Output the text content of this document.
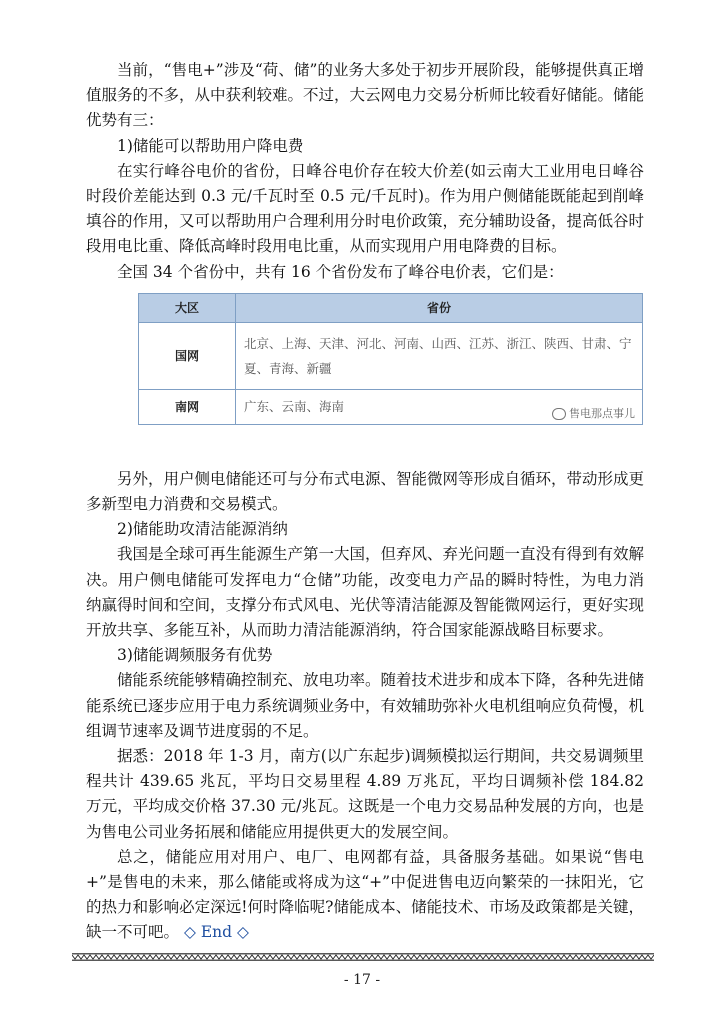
当前，“售电+”涉及“荷、储”的业务大多处于初步开展阶段，能够提供真正增值服务的不多，从中获利较难。不过，大云网电力交易分析师比较看好储能。储能优势有三：

1)储能可以帮助用户降电费

在实行峰谷电价的省份，日峰谷电价存在较大价差(如云南大工业用电日峰谷时段价差能达到 0.3 元/千瓦时至 0.5 元/千瓦时)。作为用户侧储能既能起到削峰填谷的作用，又可以帮助用户合理利用分时电价政策，充分辅助设备，提高低谷时段用电比重、降低高峰时段用电比重，从而实现用户用电降费的目标。

全国 34 个省份中，共有 16 个省份发布了峰谷电价表，它们是：

大区	省份
国网	北京、上海、天津、河北、河南、山西、江苏、浙江、陕西、甘肃、宁夏、青海、新疆
南网	广东、云南、海南	售电那点事儿

另外，用户侧电储能还可与分布式电源、智能微网等形成自循环，带动形成更多新型电力消费和交易模式。

2)储能助攻清洁能源消纳

我国是全球可再生能源生产第一大国，但弃风、弃光问题一直没有得到有效解决。用户侧电储能可发挥电力“仓储”功能，改变电力产品的瞬时特性，为电力消纳赢得时间和空间，支撑分布式风电、光伏等清洁能源及智能微网运行，更好实现开放共享、多能互补，从而助力清洁能源消纳，符合国家能源战略目标要求。

3)储能调频服务有优势

储能系统能够精确控制充、放电功率。随着技术进步和成本下降，各种先进储能系统已逐步应用于电力系统调频业务中，有效辅助弥补火电机组响应负荷慢，机组调节速率及调节进度弱的不足。

据悉：2018 年 1-3 月，南方(以广东起步)调频模拟运行期间，共交易调频里程共计 439.65 兆瓦，平均日交易里程 4.89 万兆瓦，平均日调频补偿 184.82 万元，平均成交价格 37.30 元/兆瓦。这既是一个电力交易品种发展的方向，也是为售电公司业务拓展和储能应用提供更大的发展空间。

总之，储能应用对用户、电厂、电网都有益，具备服务基础。如果说“售电+”是售电的未来，那么储能或将成为这“+”中促进售电迈向繁荣的一抹阳光，它的热力和影响必定深远!何时降临呢?储能成本、储能技术、市场及政策都是关键，缺一不可吧。 ◇ End ◇

- 17 -
